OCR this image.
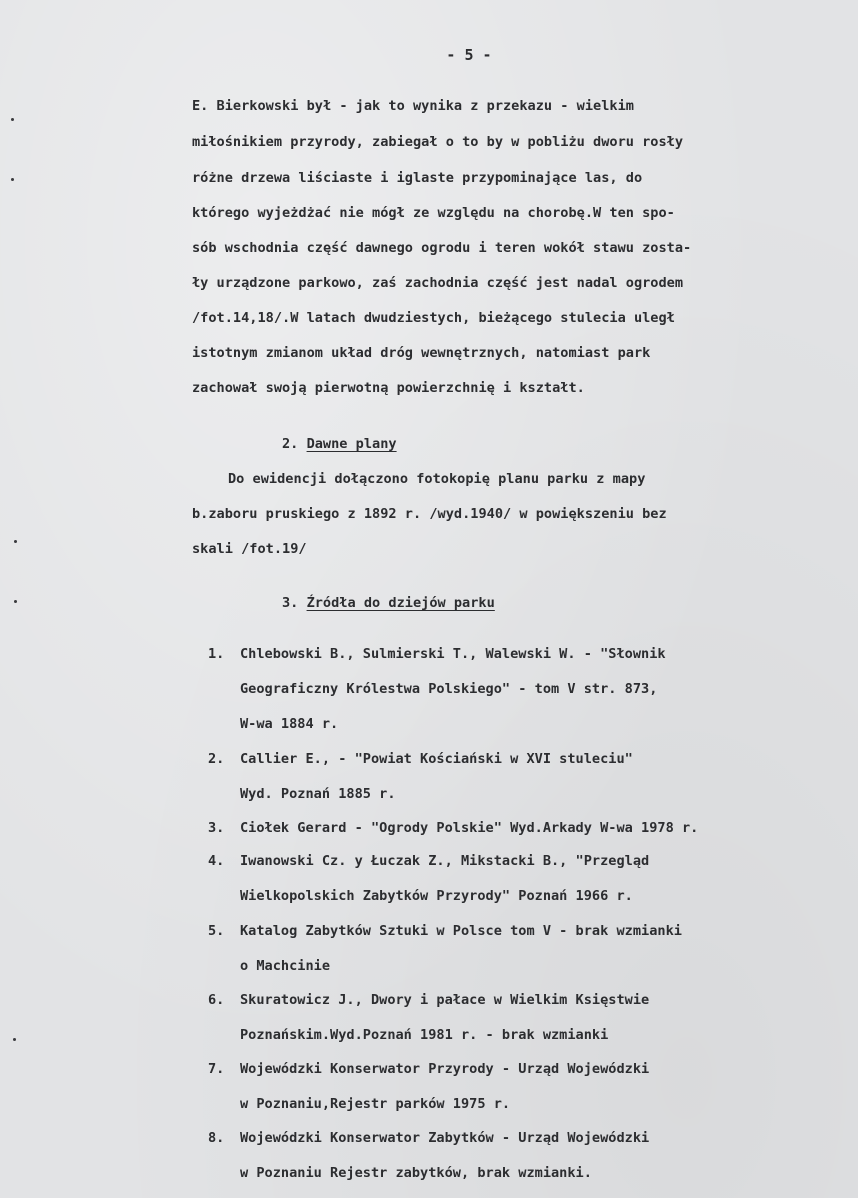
- 5 -
E. Bierkowski był - jak to wynika z przekazu - wielkim
miłośnikiem przyrody, zabiegał o to by w pobliżu dworu rosły
różne drzewa liściaste i iglaste przypominające las, do
którego wyjeżdżać nie mógł ze względu na chorobę.W ten spo-
sób wschodnia część dawnego ogrodu i teren wokół stawu zosta-
ły urządzone parkowo, zaś zachodnia część jest nadal ogrodem
/fot.14,18/.W latach dwudziestych, bieżącego stulecia uległ
istotnym zmianom układ dróg wewnętrznych, natomiast park
zachował swoją pierwotną powierzchnię i kształt.
2. Dawne plany
Do ewidencji dołączono fotokopię planu parku z mapy
b.zaboru pruskiego z 1892 r. /wyd.1940/ w powiększeniu bez
skali /fot.19/
3. Źródła do dziejów parku
1. Chlebowski B., Sulmierski T., Walewski W. - "Słownik
Geograficzny Królestwa Polskiego" - tom V str. 873,
W-wa 1884 r.
2. Callier E., - "Powiat Kościański w XVI stuleciu"
Wyd. Poznań 1885 r.
3. Ciołek Gerard - "Ogrody Polskie" Wyd.Arkady W-wa 1978 r.
4. Iwanowski Cz. y Łuczak Z., Mikstacki B., "Przegląd
Wielkopolskich Zabytków Przyrody" Poznań 1966 r.
5. Katalog Zabytków Sztuki w Polsce tom V - brak wzmianki
o Machcinie
6. Skuratowicz J., Dwory i pałace w Wielkim Księstwie
Poznańskim.Wyd.Poznań 1981 r. - brak wzmianki
7. Wojewódzki Konserwator Przyrody - Urząd Wojewódzki
w Poznaniu,Rejestr parków 1975 r.
8. Wojewódzki Konserwator Zabytków - Urząd Wojewódzki
w Poznaniu Rejestr zabytków, brak wzmianki.
